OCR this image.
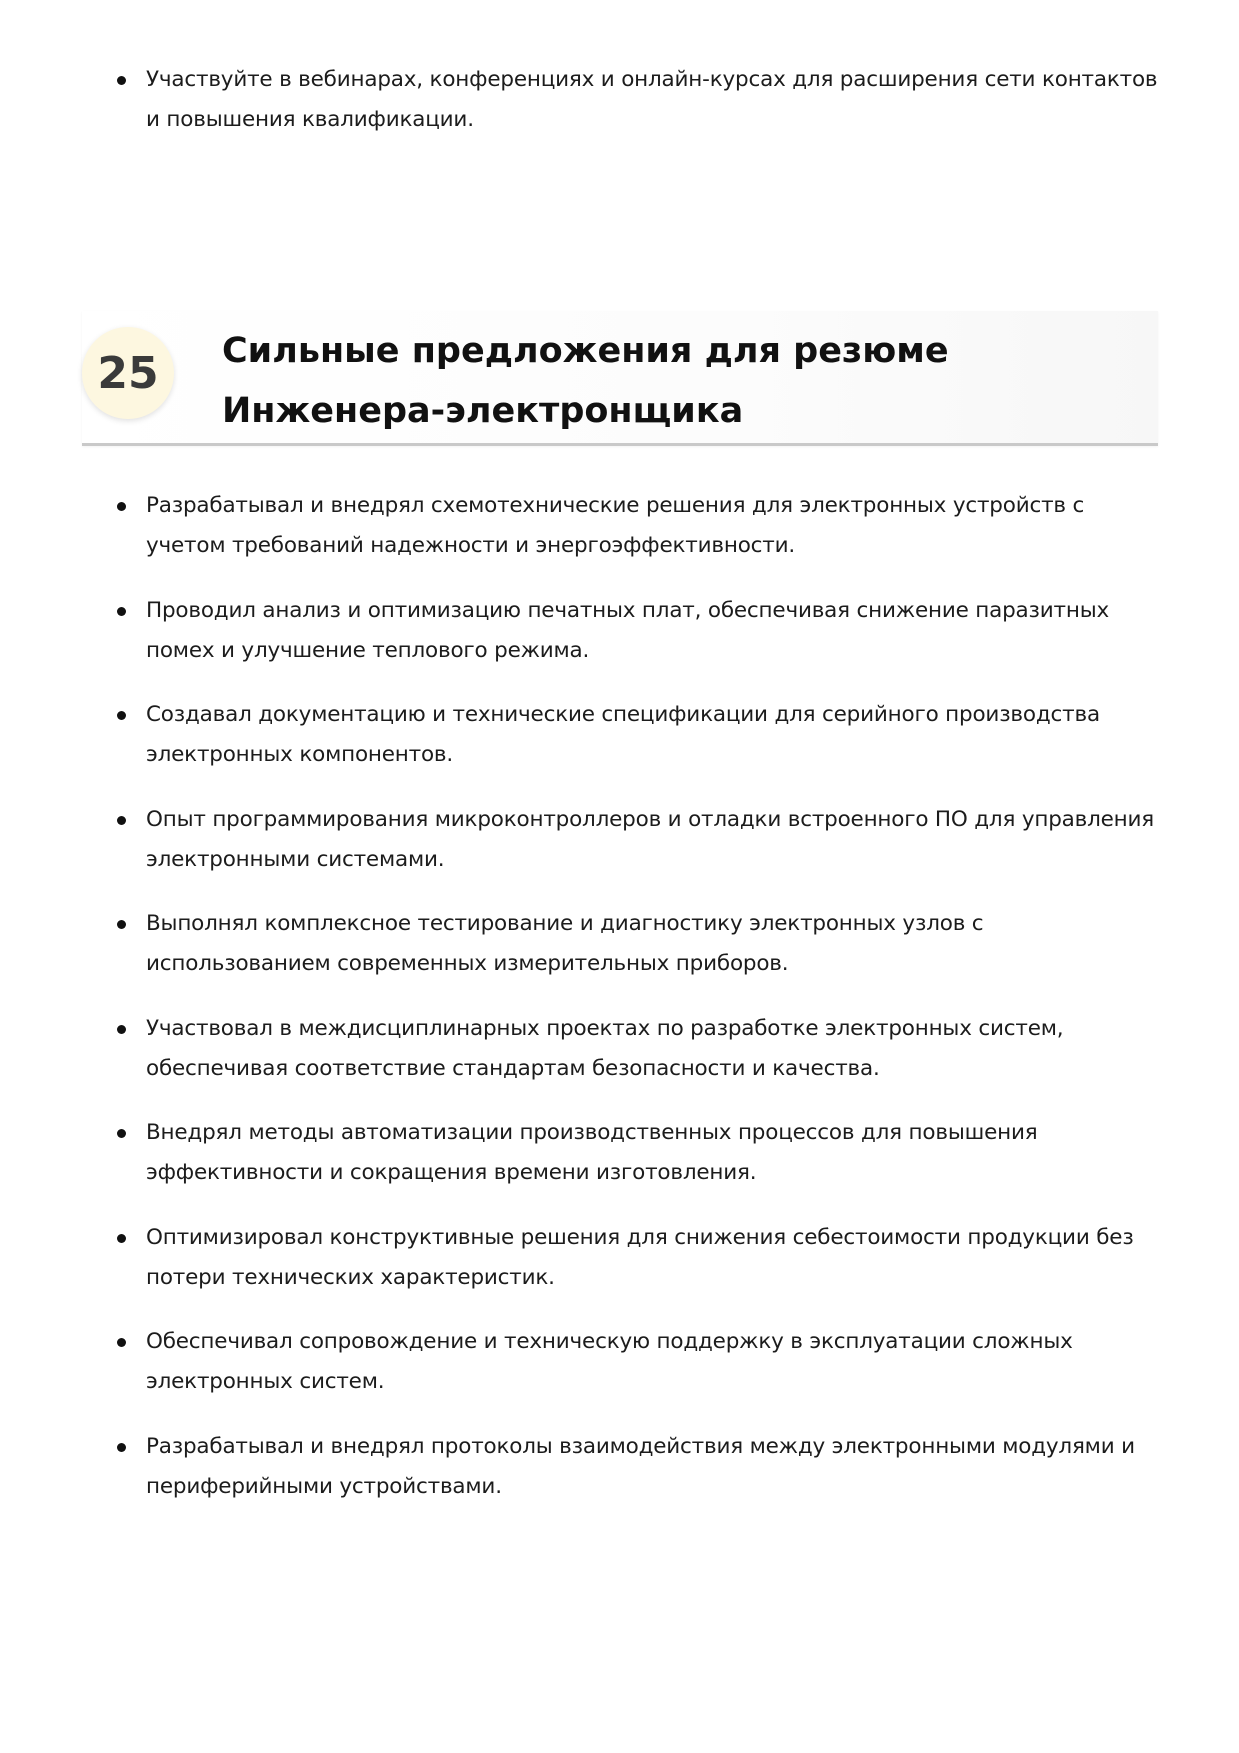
Участвуйте в вебинарах, конференциях и онлайн-курсах для расширения сети контактов и повышения квалификации.
25	Сильные предложения для резюме Инженера-электронщика
Разрабатывал и внедрял схемотехнические решения для электронных устройств с учетом требований надежности и энергоэффективности.
Проводил анализ и оптимизацию печатных плат, обеспечивая снижение паразитных помех и улучшение теплового режима.
Создавал документацию и технические спецификации для серийного производства электронных компонентов.
Опыт программирования микроконтроллеров и отладки встроенного ПО для управления электронными системами.
Выполнял комплексное тестирование и диагностику электронных узлов с использованием современных измерительных приборов.
Участвовал в междисциплинарных проектах по разработке электронных систем, обеспечивая соответствие стандартам безопасности и качества.
Внедрял методы автоматизации производственных процессов для повышения эффективности и сокращения времени изготовления.
Оптимизировал конструктивные решения для снижения себестоимости продукции без потери технических характеристик.
Обеспечивал сопровождение и техническую поддержку в эксплуатации сложных электронных систем.
Разрабатывал и внедрял протоколы взаимодействия между электронными модулями и периферийными устройствами.
